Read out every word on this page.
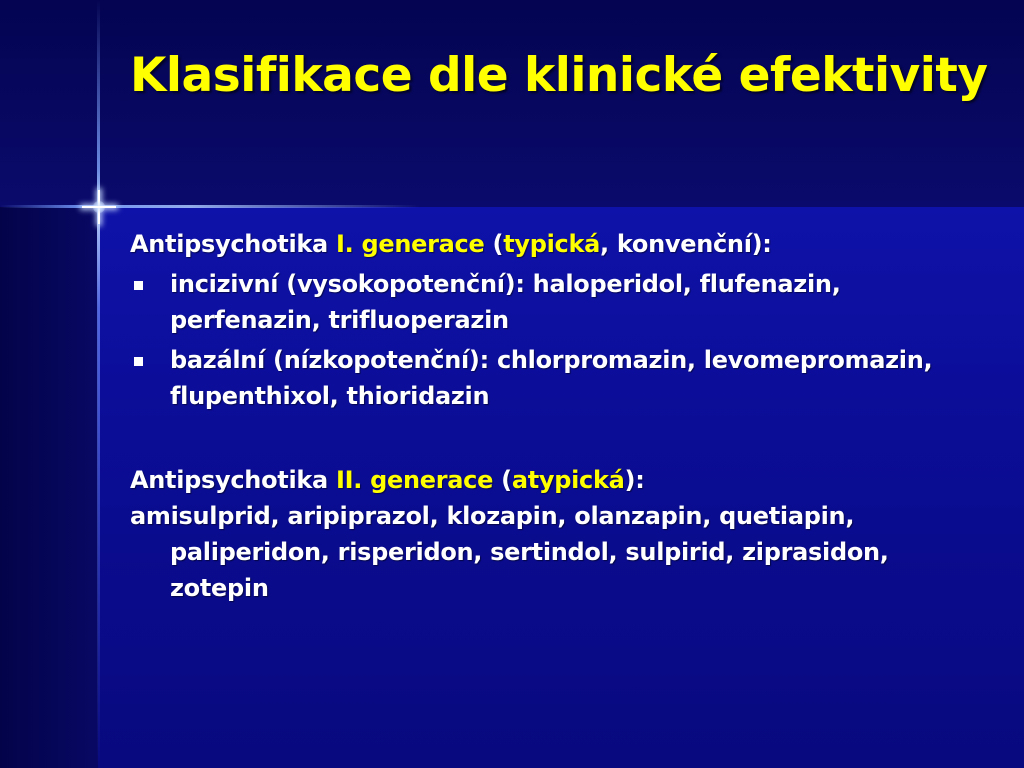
Klasifikace dle klinické efektivity

Antipsychotika I. generace (typická, konvenční):

incizivní (vysokopotenční): haloperidol, flufenazin, perfenazin, trifluoperazin
bazální (nízkopotenční): chlorpromazin, levomepromazin, flupenthixol, thioridazin

Antipsychotika II. generace (atypická):

amisulprid, aripiprazol, klozapin, olanzapin, quetiapin, paliperidon, risperidon, sertindol, sulpirid, ziprasidon, zotepin
